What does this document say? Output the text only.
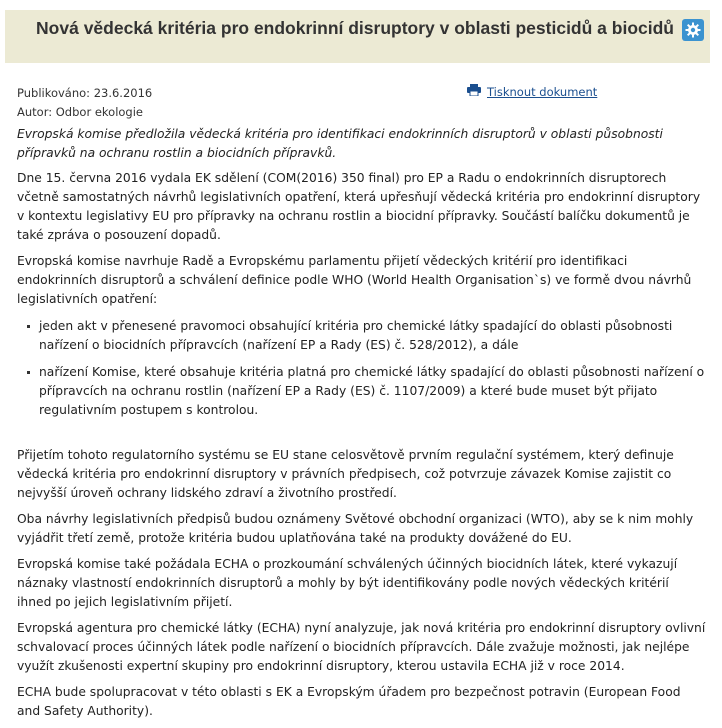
Nová vědecká kritéria pro endokrinní disruptory v oblasti pesticidů a biocidů
Publikováno: 23.6.2016
Autor: Odbor ekologie
Tisknout dokument

Evropská komise předložila vědecká kritéria pro identifikaci endokrinních disruptorů v oblasti působnosti přípravků na ochranu rostlin a biocidních přípravků.

Dne 15. června 2016 vydala EK sdělení (COM(2016) 350 final) pro EP a Radu o endokrinních disruptorech včetně samostatných návrhů legislativních opatření, která upřesňují vědecká kritéria pro endokrinní disruptory v kontextu legislativy EU pro přípravky na ochranu rostlin a biocidní přípravky. Součástí balíčku dokumentů je také zpráva o posouzení dopadů.

Evropská komise navrhuje Radě a Evropskému parlamentu přijetí vědeckých kritérií pro identifikaci endokrinních disruptorů a schválení definice podle WHO (World Health Organisation`s) ve formě dvou návrhů legislativních opatření:

jeden akt v přenesené pravomoci obsahující kritéria pro chemické látky spadající do oblasti působnosti nařízení o biocidních přípravcích (nařízení EP a Rady (ES) č. 528/2012), a dále
nařízení Komise, které obsahuje kritéria platná pro chemické látky spadající do oblasti působnosti nařízení o přípravcích na ochranu rostlin (nařízení EP a Rady (ES) č. 1107/2009) a které bude muset být přijato regulativním postupem s kontrolou.

Přijetím tohoto regulatorního systému se EU stane celosvětově prvním regulační systémem, který definuje vědecká kritéria pro endokrinní disruptory v právních předpisech, což potvrzuje závazek Komise zajistit co nejvyšší úroveň ochrany lidského zdraví a životního prostředí.

Oba návrhy legislativních předpisů budou oznámeny Světové obchodní organizaci (WTO), aby se k nim mohly vyjádřit třetí země, protože kritéria budou uplatňována také na produkty dovážené do EU.

Evropská komise také požádala ECHA o prozkoumání schválených účinných biocidních látek, které vykazují náznaky vlastností endokrinních disruptorů a mohly by být identifikovány podle nových vědeckých kritérií ihned po jejich legislativním přijetí.

Evropská agentura pro chemické látky (ECHA) nyní analyzuje, jak nová kritéria pro endokrinní disruptory ovlivní schvalovací proces účinných látek podle nařízení o biocidních přípravcích. Dále zvažuje možnosti, jak nejlépe využít zkušenosti expertní skupiny pro endokrinní disruptory, kterou ustavila ECHA již v roce 2014.

ECHA bude spolupracovat v této oblasti s EK a Evropským úřadem pro bezpečnost potravin (European Food and Safety Authority).
